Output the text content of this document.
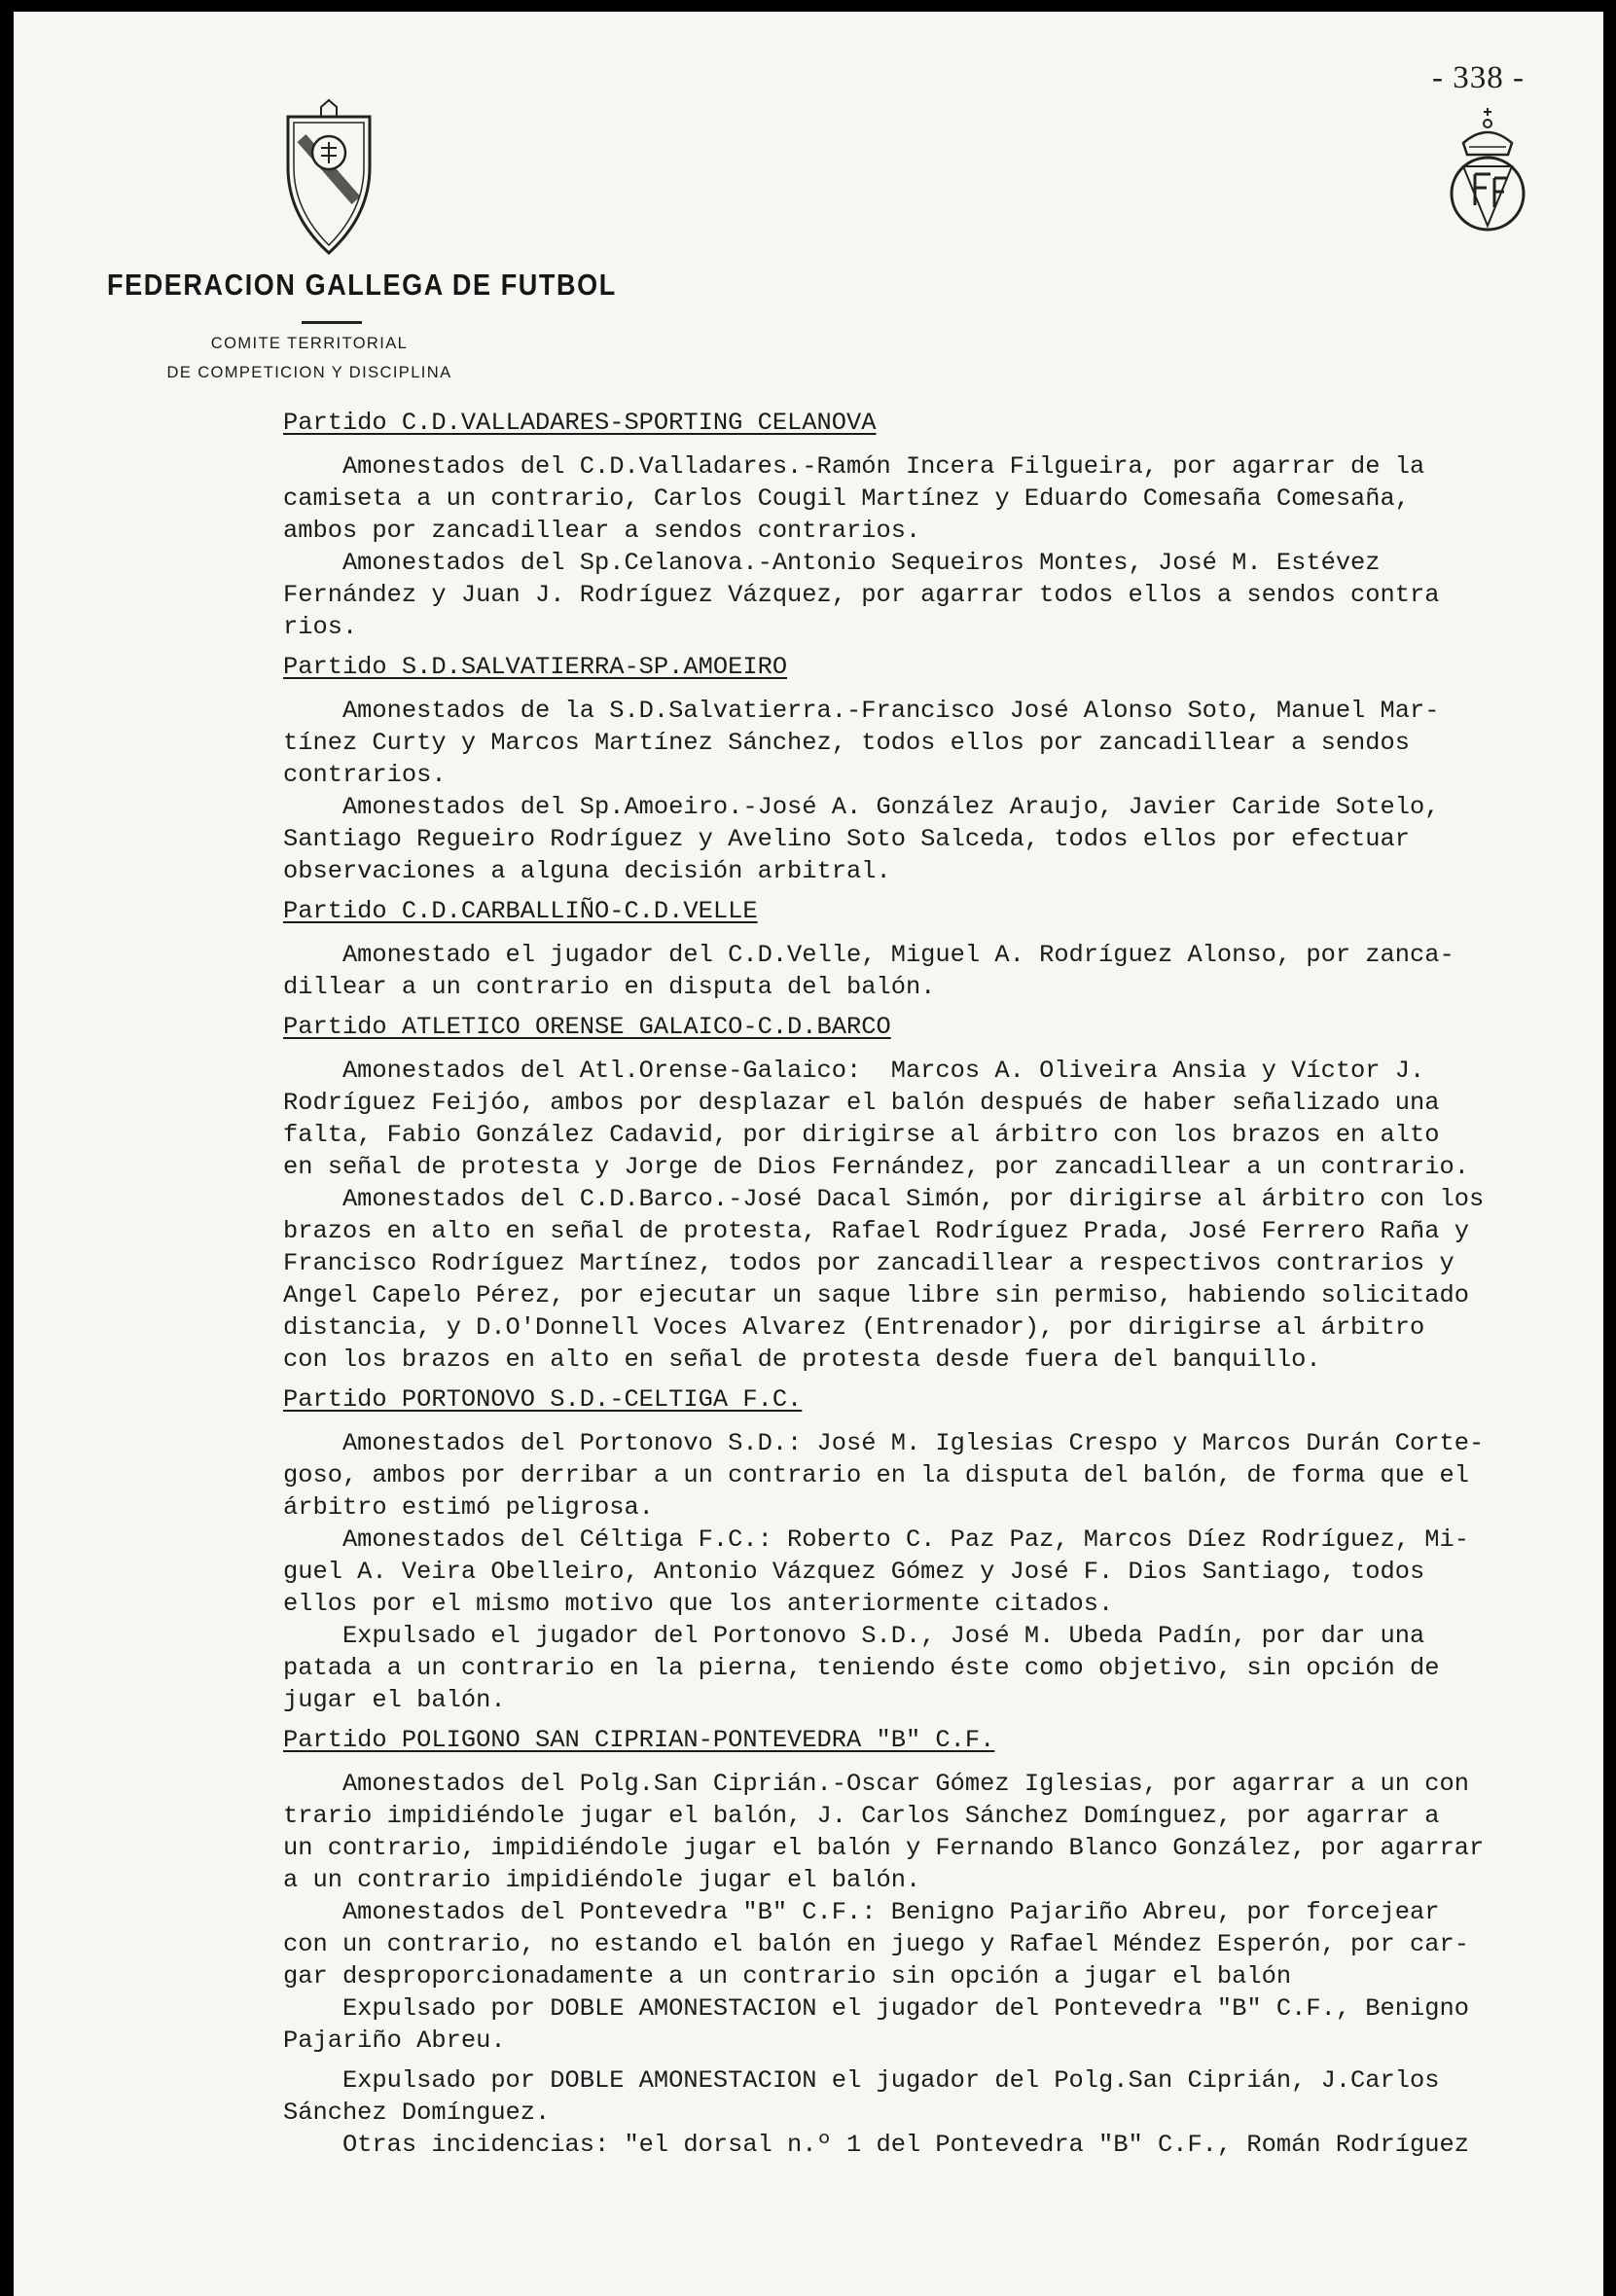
- 338 -
FEDERACION GALLEGA DE FUTBOL
COMITE TERRITORIAL
DE COMPETICION Y DISCIPLINA
Partido C.D.VALLADARES-SPORTING CELANOVA
Amonestados del C.D.Valladares.-Ramón Incera Filgueira, por agarrar de la
camiseta a un contrario, Carlos Cougil Martínez y Eduardo Comesaña Comesaña,
ambos por zancadillear a sendos contrarios.
Amonestados del Sp.Celanova.-Antonio Sequeiros Montes, José M. Estévez
Fernández y Juan J. Rodríguez Vázquez, por agarrar todos ellos a sendos contra
rios.
Partido S.D.SALVATIERRA-SP.AMOEIRO
Amonestados de la S.D.Salvatierra.-Francisco José Alonso Soto, Manuel Mar-
tínez Curty y Marcos Martínez Sánchez, todos ellos por zancadillear a sendos
contrarios.
Amonestados del Sp.Amoeiro.-José A. González Araujo, Javier Caride Sotelo,
Santiago Regueiro Rodríguez y Avelino Soto Salceda, todos ellos por efectuar
observaciones a alguna decisión arbitral.
Partido C.D.CARBALLIÑO-C.D.VELLE
Amonestado el jugador del C.D.Velle, Miguel A. Rodríguez Alonso, por zanca-
dillear a un contrario en disputa del balón.
Partido ATLETICO ORENSE GALAICO-C.D.BARCO
Amonestados del Atl.Orense-Galaico:  Marcos A. Oliveira Ansia y Víctor J.
Rodríguez Feijóo, ambos por desplazar el balón después de haber señalizado una
falta, Fabio González Cadavid, por dirigirse al árbitro con los brazos en alto
en señal de protesta y Jorge de Dios Fernández, por zancadillear a un contrario.
Amonestados del C.D.Barco.-José Dacal Simón, por dirigirse al árbitro con los
brazos en alto en señal de protesta, Rafael Rodríguez Prada, José Ferrero Raña y
Francisco Rodríguez Martínez, todos por zancadillear a respectivos contrarios y
Angel Capelo Pérez, por ejecutar un saque libre sin permiso, habiendo solicitado
distancia, y D.O'Donnell Voces Alvarez (Entrenador), por dirigirse al árbitro
con los brazos en alto en señal de protesta desde fuera del banquillo.
Partido PORTONOVO S.D.-CELTIGA F.C.
Amonestados del Portonovo S.D.: José M. Iglesias Crespo y Marcos Durán Corte-
goso, ambos por derribar a un contrario en la disputa del balón, de forma que el
árbitro estimó peligrosa.
Amonestados del Céltiga F.C.: Roberto C. Paz Paz, Marcos Díez Rodríguez, Mi-
guel A. Veira Obelleiro, Antonio Vázquez Gómez y José F. Dios Santiago, todos
ellos por el mismo motivo que los anteriormente citados.
Expulsado el jugador del Portonovo S.D., José M. Ubeda Padín, por dar una
patada a un contrario en la pierna, teniendo éste como objetivo, sin opción de
jugar el balón.
Partido POLIGONO SAN CIPRIAN-PONTEVEDRA "B" C.F.
Amonestados del Polg.San Ciprián.-Oscar Gómez Iglesias, por agarrar a un con
trario impidiéndole jugar el balón, J. Carlos Sánchez Domínguez, por agarrar a
un contrario, impidiéndole jugar el balón y Fernando Blanco González, por agarrar
a un contrario impidiéndole jugar el balón.
Amonestados del Pontevedra "B" C.F.: Benigno Pajariño Abreu, por forcejear
con un contrario, no estando el balón en juego y Rafael Méndez Esperón, por car-
gar desproporcionadamente a un contrario sin opción a jugar el balón
Expulsado por DOBLE AMONESTACION el jugador del Pontevedra "B" C.F., Benigno
Pajariño Abreu.
Expulsado por DOBLE AMONESTACION el jugador del Polg.San Ciprián, J.Carlos
Sánchez Domínguez.
Otras incidencias: "el dorsal n.º 1 del Pontevedra "B" C.F., Román Rodríguez
